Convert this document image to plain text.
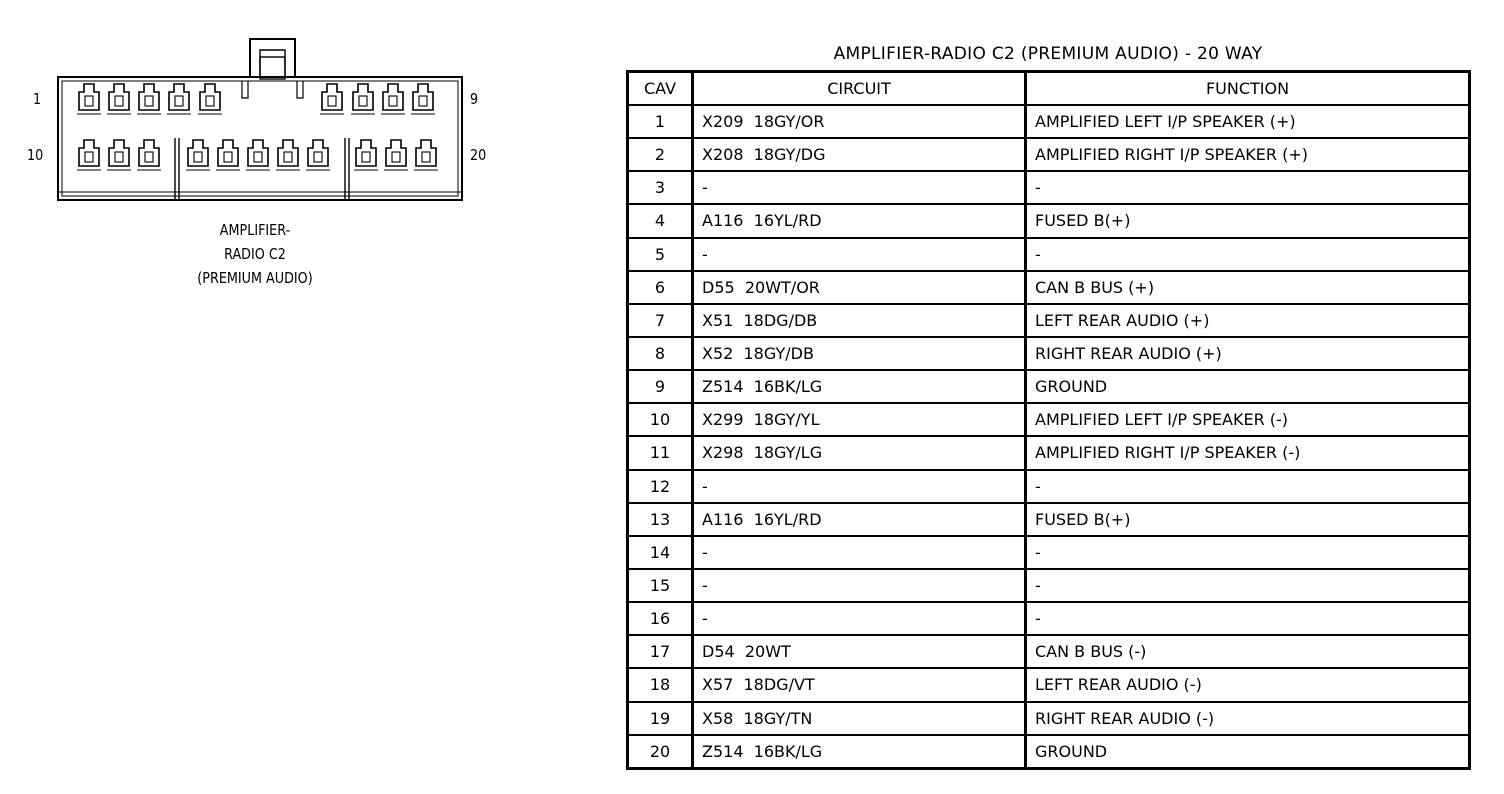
1	9
10	20
AMPLIFIER-
RADIO C2
(PREMIUM AUDIO)
AMPLIFIER-RADIO C2 (PREMIUM AUDIO) - 20 WAY
CAV	CIRCUIT	FUNCTION
1	X209  18GY/OR	AMPLIFIED LEFT I/P SPEAKER (+)
2	X208  18GY/DG	AMPLIFIED RIGHT I/P SPEAKER (+)
3	-	-
4	A116  16YL/RD	FUSED B(+)
5	-	-
6	D55  20WT/OR	CAN B BUS (+)
7	X51  18DG/DB	LEFT REAR AUDIO (+)
8	X52  18GY/DB	RIGHT REAR AUDIO (+)
9	Z514  16BK/LG	GROUND
10	X299  18GY/YL	AMPLIFIED LEFT I/P SPEAKER (-)
11	X298  18GY/LG	AMPLIFIED RIGHT I/P SPEAKER (-)
12	-	-
13	A116  16YL/RD	FUSED B(+)
14	-	-
15	-	-
16	-	-
17	D54  20WT	CAN B BUS (-)
18	X57  18DG/VT	LEFT REAR AUDIO (-)
19	X58  18GY/TN	RIGHT REAR AUDIO (-)
20	Z514  16BK/LG	GROUND
